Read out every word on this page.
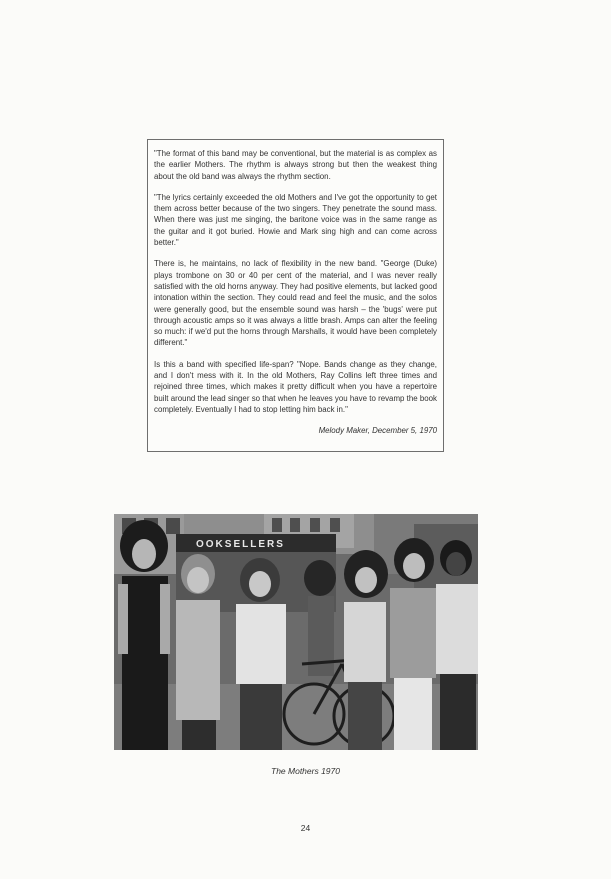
"The format of this band may be conventional, but the material is as complex as the earlier Mothers. The rhythm is always strong but then the weakest thing about the old band was always the rhythm section.

"The lyrics certainly exceeded the old Mothers and I've got the opportunity to get them across better because of the two singers. They penetrate the sound mass. When there was just me singing, the baritone voice was in the same range as the guitar and it got buried. Howie and Mark sing high and can come across better."

There is, he maintains, no lack of flexibility in the new band. "George (Duke) plays trombone on 30 or 40 per cent of the material, and I was never really satisfied with the old horns anyway. They had positive elements, but lacked good intonation within the section. They could read and feel the music, and the solos were generally good, but the ensemble sound was harsh – the 'bugs' were put through acoustic amps so it was always a little brash. Amps can alter the feeling so much: if we'd put the horns through Marshalls, it would have been completely different."

Is this a band with specified life-span? "Nope. Bands change as they change, and I don't mess with it. In the old Mothers, Ray Collins left three times and rejoined three times, which makes it pretty difficult when you have a repertoire built around the lead singer so that when he leaves you have to revamp the book completely. Eventually I had to stop letting him back in."

Melody Maker, December 5, 1970

OOKSELLERS
The Mothers 1970
24
